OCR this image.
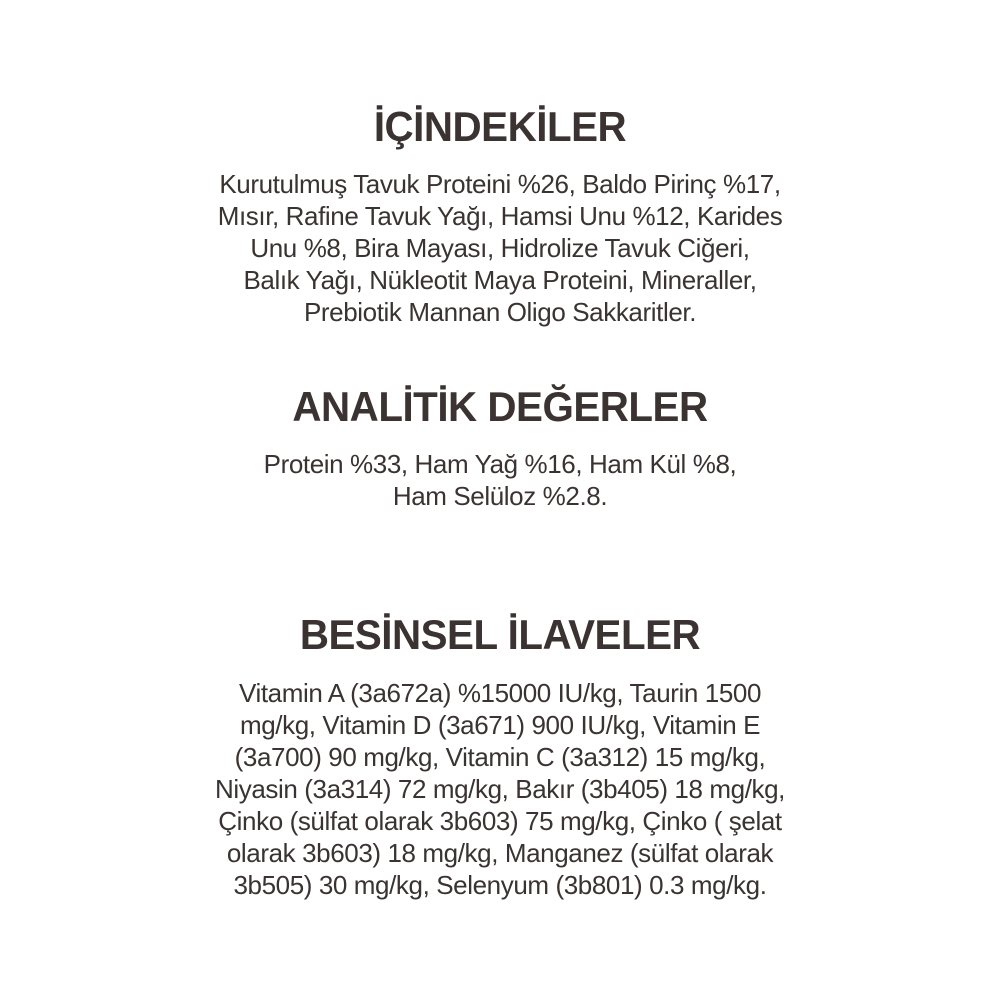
İÇİNDEKİLER
Kurutulmuş Tavuk Proteini %26, Baldo Pirinç %17,
Mısır, Rafine Tavuk Yağı, Hamsi Unu %12, Karides
Unu %8, Bira Mayası, Hidrolize Tavuk Ciğeri,
Balık Yağı, Nükleotit Maya Proteini, Mineraller,
Prebiotik Mannan Oligo Sakkaritler.
ANALİTİK DEĞERLER
Protein %33, Ham Yağ %16, Ham Kül %8,
Ham Selüloz %2.8.
BESİNSEL İLAVELER
Vitamin A (3a672a) %15000 IU/kg, Taurin 1500
mg/kg, Vitamin D (3a671) 900 IU/kg, Vitamin E
(3a700) 90 mg/kg, Vitamin C (3a312) 15 mg/kg,
Niyasin (3a314) 72 mg/kg, Bakır (3b405) 18 mg/kg,
Çinko (sülfat olarak 3b603) 75 mg/kg, Çinko ( şelat
olarak 3b603) 18 mg/kg, Manganez (sülfat olarak
3b505) 30 mg/kg, Selenyum (3b801) 0.3 mg/kg.
